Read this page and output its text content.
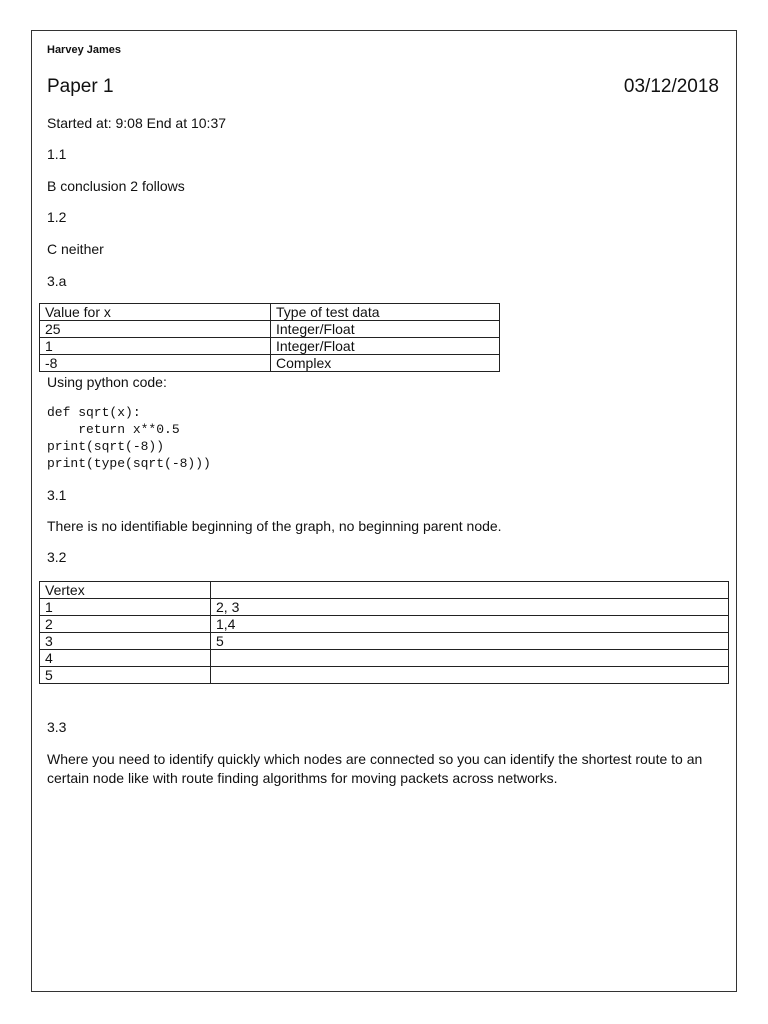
Harvey James
Paper 1	03/12/2018
Started at: 9:08 End at 10:37
1.1
B conclusion 2 follows
1.2
C neither
3.a
Value for x	Type of test data
25	Integer/Float
1	Integer/Float
-8	Complex
Using python code:
def sqrt(x):
return x**0.5
print(sqrt(-8))
print(type(sqrt(-8)))
3.1
There is no identifiable beginning of the graph, no beginning parent node.
3.2
Vertex	
1	2, 3
2	1,4
3	5
4	
5	
3.3
Where you need to identify quickly which nodes are connected so you can identify the shortest route to an certain node like with route finding algorithms for moving packets across networks.
